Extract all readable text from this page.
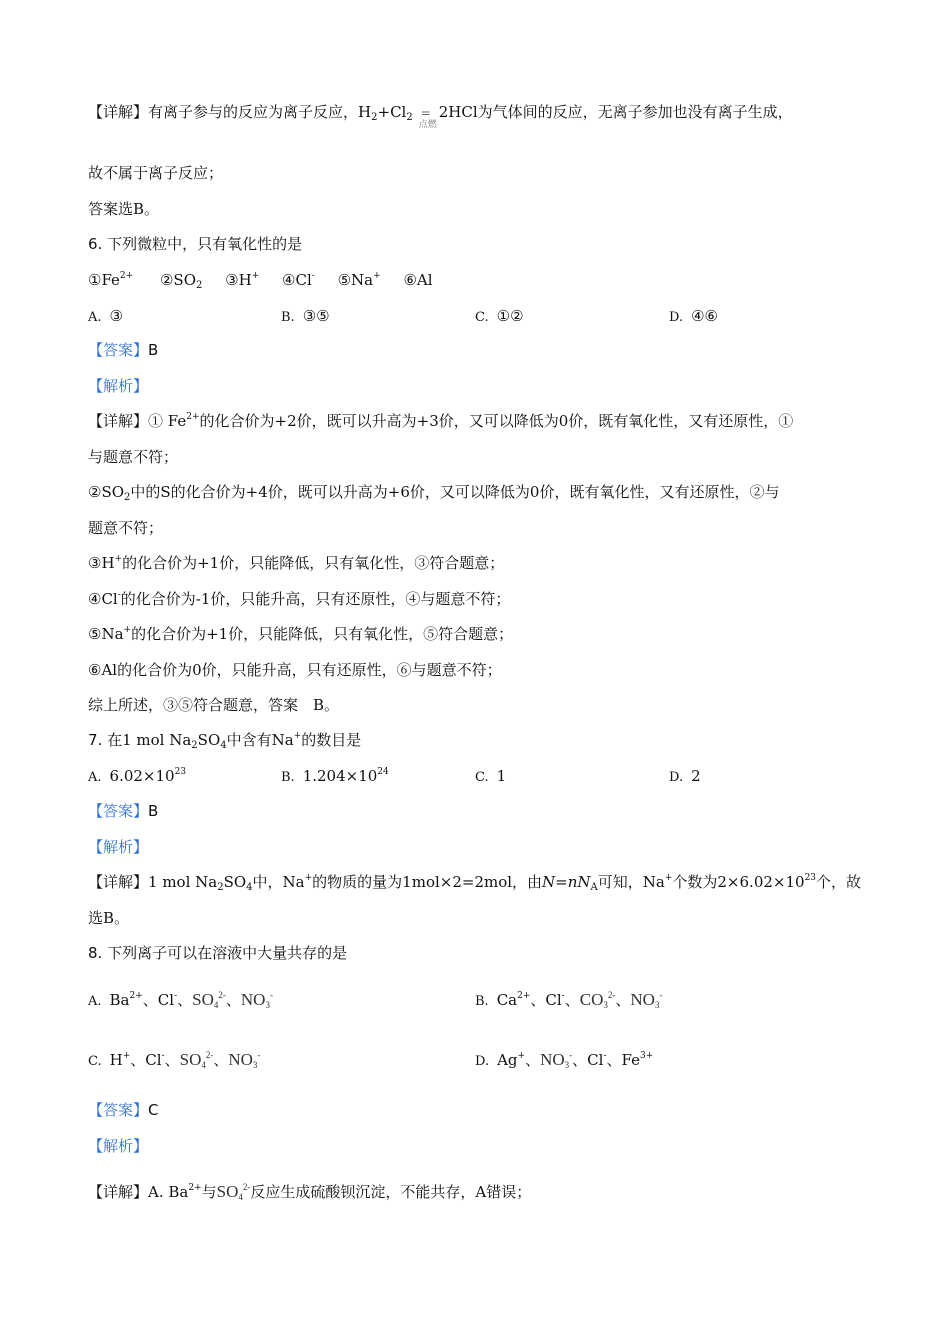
【详解】有离子参与的反应为离子反应，$H_2+Cl_2$ =
点燃
2HCl为气体间的反应，无离子参加也没有离子生成，
故不属于离子反应；
答案选B。
6. 下列微粒中，只有氧化性的是
$①Fe^{2+}$ $②SO_2$ ③H+ ④Cl- ⑤Na+ ⑥Al
A. ③	B. ③⑤	C. ①②	D. ④⑥
【答案】B
【解析】
【详解】① $Fe^{2+}$的化合价为+2价，既可以升高为+3价，又可以降低为0价，既有氧化性，又有还原性，①
与题意不符；
$②SO_2$中的S的化合价为+4价，既可以升高为+6价，又可以降低为0价，既有氧化性，又有还原性，②与
题意不符；
③H+的化合价为+1价，只能降低，只有氧化性，③符合题意；
④Cl-的化合价为-1价，只能升高，只有还原性，④与题意不符；
⑤Na+的化合价为+1价，只能降低，只有氧化性，⑤符合题意；
⑥Al的化合价为0价，只能升高，只有还原性，⑥与题意不符；
综上所述，③⑤符合题意，答案　B。
7. 在1 mol $Na_2SO_4$中含有Na+的数目是
A. $6.02\times 10^{23}$	B. $1.204\times 10^{24}$	C. 1	D. 2
【答案】B
【解析】
【详解】1 mol $Na_2SO_4$中，Na+的物质的量为1mol×2=2mol，由$N=nN_A$可知，Na+个数为$2\times 6.02\times 10^{23}$个，故
选B。
8. 下列离子可以在溶液中大量共存的是
A. $Ba^{2+}$、Cl-、$SO_4^{2-}$、$NO_3^-$	B. $Ca^{2+}$、Cl-、$CO_3^{2-}$、$NO_3^-$
C. H+、Cl-、$SO_4^{2-}$、$NO_3^-$	D. Ag+、$NO_3^-$、Cl-、$Fe^{3+}$
【答案】C
【解析】
【详解】A. $Ba^{2+}$与$SO_4^{2-}$反应生成硫酸钡沉淀，不能共存，A错误；
